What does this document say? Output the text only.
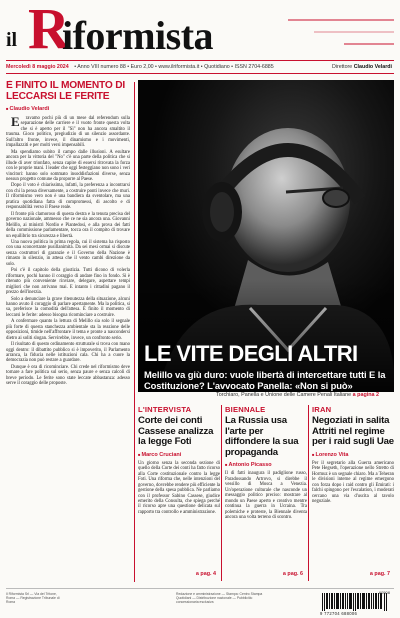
il R
iformista
Mercoledì 8 maggio 2024 • Anno VIII numero 88 • Euro 2,00 • www.ilriformista.it • Quotidiano • ISSN 2704-6885	Direttore Claudio Velardi
È FINITO IL MOMENTO DI LECCARSI LE FERITE
■ Claudio Velardi

Eravamo pochi più di un mese dal referendum sulla separazione delle carriere e il vuoto fronte questa volta che si è aperto per il "Sì" non ha ancora smaltito il trauma. Gioco politico, pregiudizio di un silenzio assordante. Sull'altro fronte, invece, il dinamismo e i movimenti, impallazziti e per molti versi impensabili.

Ma spendiamo subito il campo dalle illusioni. A esultare ancora per la vittoria del "No" c'è una parte della politica che si illude di aver trionfato, senza capire di essersi ritrovata la forza con le proprie mani. I leader che oggi festeggiano non sono i veri vincitori: hanno solo sommato insoddisfazioni diverse, senza nessun progetto comune da proporre al Paese.

Dopo il voto è chiarissima, infatti, la preferenza a incontrarsi con chi la pensa diversamente, a costruire ponti invece che muri. Il riformismo vero non è una bandiera da sventolare, ma una pratica quotidiana fatta di compromessi, di ascolto e di responsabilità verso il Paese reale.

Il fronte più clamoroso di questa destra e la tenuta precisa del governo nazionale, ammesso che ce ne sia ancora una. Giovanni Melillo, ai ministri Nordio e Piantedosi, e alla prova dei fatti della commissione parlamentare, tocca ora il compito di trovare un equilibrio tra sicurezza e libertà.

Una nuova politica in prima regola, cui il sistema ha risposto con una sconcertante pusillanimità. Da sei mesi ormai si discute senza costruttori di garanzie e il Governo della Nazione è rimasto in silenzio, in attesa che il vento cambi direzione da solo.

Poi c'è il capitolo della giustizia. Tutti dicono di volerla riformare, pochi hanno il coraggio di andare fino in fondo. Si è ritenuto più conveniente rinviare, delegare, aspettare tempi migliori che non arrivano mai. E intanto i cittadini pagano il prezzo dell'inerzia.

Solo a denunciare la grave ritenutezza della situazione, alcuni hanno avuto il coraggio di parlare apertamente. Ma la politica, si sa, preferisce la comodità dell'attesa. È finito il momento di leccarsi le ferite: adesso bisogna ricominciare a costruire.

A confermare quanto la lettura di Melillo sia solo il segnale più forte di questa stanchezza ambientale sta la reazione delle opposizioni, timide nell'affrontare il tema e pronte a nascondersi dietro ai soliti slogan. Servirebbe, invece, un confronto serio.

Il risultato di questo ordinamento strutturale si trova con mano oggi dentro: il dibattito pubblico si è impoverito, il Parlamento arranca, la fiducia nelle istituzioni cala. Chi ha a cuore la democrazia non può restare a guardare.

Dunque è ora di ricominciare. Chi crede nel riformismo deve tornare a fare politica sul serio, senza paure e senza calcoli di breve periodo. Le ferite sono state leccate abbastanza: adesso serve il coraggio delle proposte.

LE VITE DEGLI ALTRI

Melillo va giù duro: vuole libertà di intercettare tutti E la Costituzione? L'avvocato Panella: «Non si può»

Torchiaro, Panella e Unione delle Camere Penali Italiane a pagina 2
L'INTERVISTA
Corte dei conti Cassese analizza la legge Foti
■ Marco Cruciani

Un giorno senza la seconda sezione di quello della Corte dei conti ha fatto ricorso alla Corte costituzionale contro la legge Foti. Una riforma che, nelle intenzioni del governo, dovrebbe rendere più efficiente la gestione della spesa pubblica. Ne parliamo con il professor Sabino Cassese, giudice emerito della Consulta, che spiega perché il ricorso apre una questione delicata sul rapporto tra controllo e amministrazione.

a pag. 4
BIENNALE
La Russia usa l'arte per diffondere la sua propaganda
■ Antonio Picasso

Il dì fatti inaugura il padiglione russo, Paradossando Artrovo, si direbbe il vessillo di Mosca a Venezia. Un'operazione culturale che nasconde un messaggio politico preciso: mostrare al mondo un Paese aperto e creativo mentre continua la guerra in Ucraina. Tra polemiche e proteste, la Biennale diventa ancora una volta terreno di scontro.

a pag. 6
IRAN
Negoziati in salita Attriti nel regime per i raid sugli Uae
■ Lorenzo Vita

Per il segretario alla Guerra americano Pete Hegseth, l'operazione nello Stretto di Hormuz è un segnale chiaro. Ma a Teheran le divisioni interne al regime emergono con forza dopo i raid contro gli Emirati: i falchi spingono per l'escalation, i moderati cercano una via d'uscita al tavolo negoziale.

a pag. 7
Il Riformista Srl — Via del Tritone, Roma — Registrazione Tribunale di Roma
Redazione e amministrazione — Stampa: Centro Stampa Quotidiani — Distribuzione nazionale — Pubblicità: concessionaria esclusiva
60508
9 772704 688006
